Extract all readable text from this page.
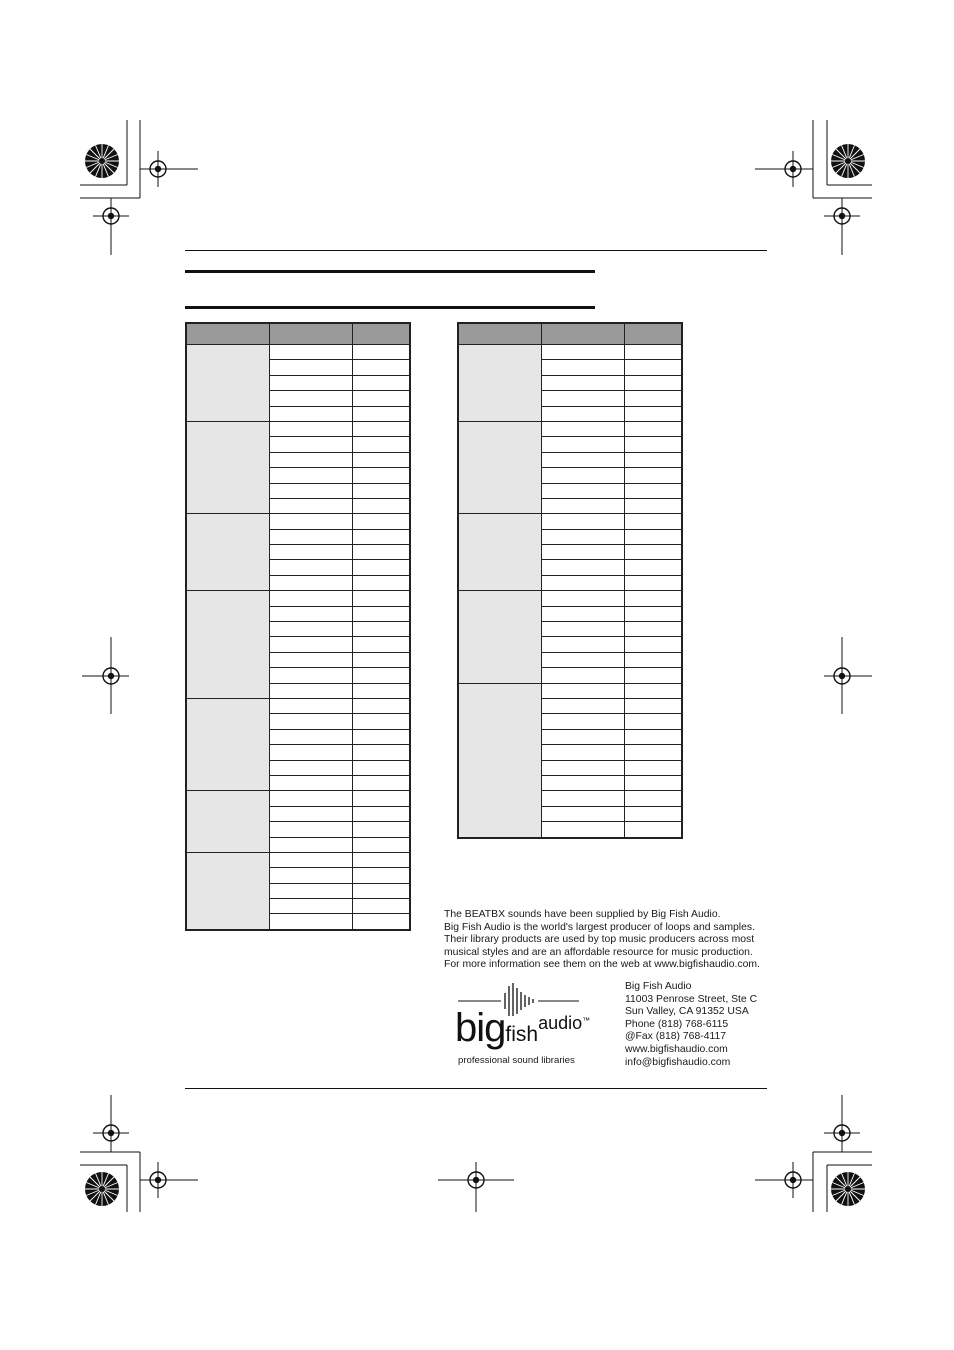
The BEATBX sounds have been supplied by Big Fish Audio.

Big Fish Audio is the world's largest producer of loops and samples.

Their library products are used by top music producers across most

musical styles and are an affordable resource for music production.

For more information see them on the web at www.bigfishaudio.com.

bigfishaudio™
professional sound libraries
Big Fish Audio
11003 Penrose Street, Ste C
Sun Valley, CA 91352 USA
Phone (818) 768-6115
@Fax (818) 768-4117
www.bigfishaudio.com
info@bigfishaudio.com
